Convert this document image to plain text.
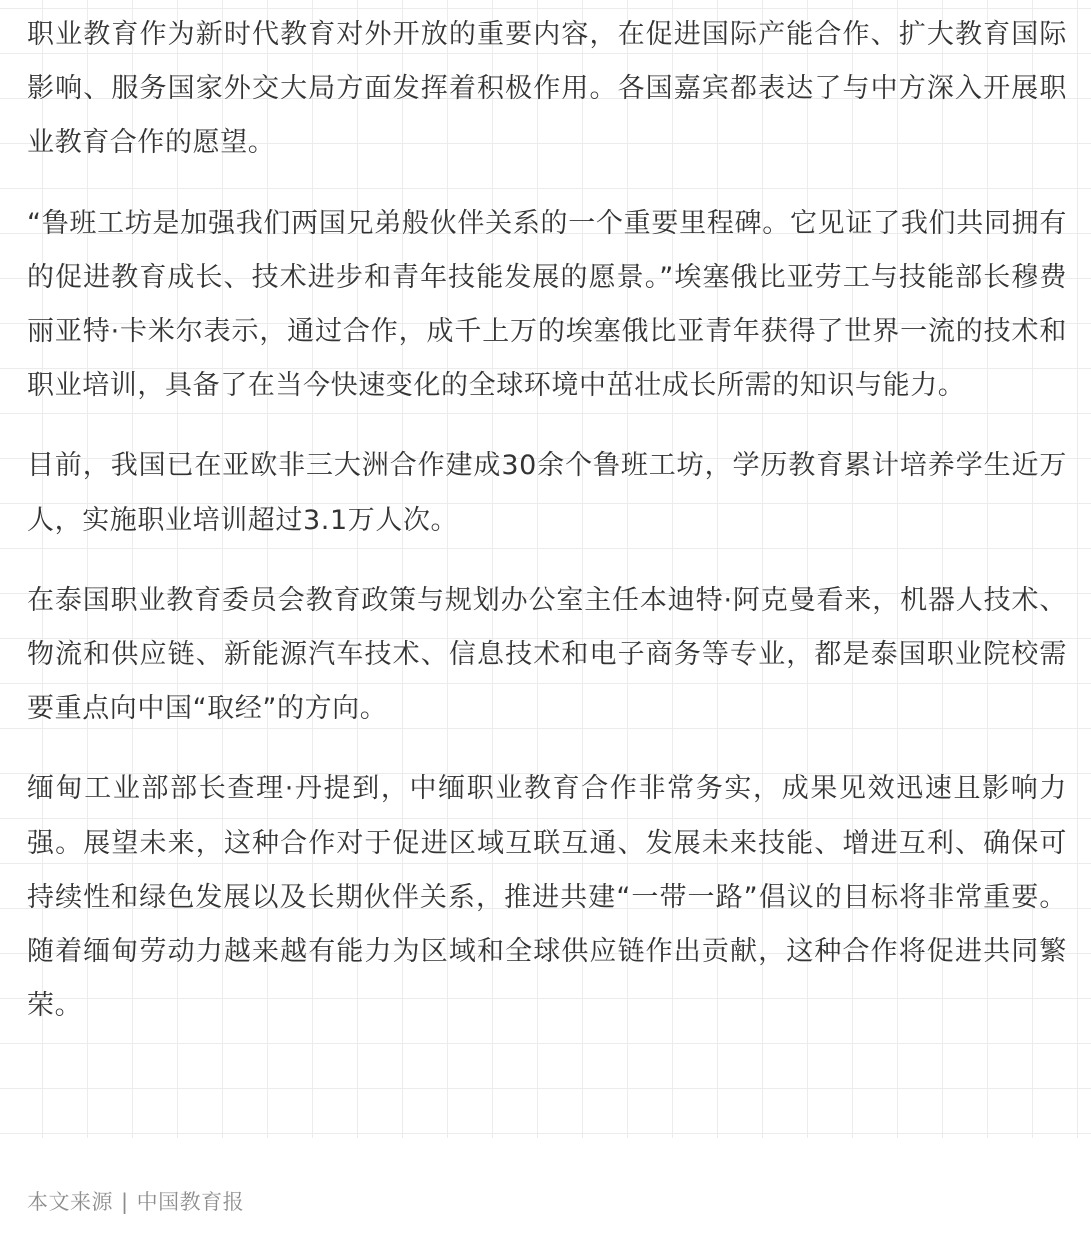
职业教育作为新时代教育对外开放的重要内容，在促进国际产能合作、扩大教育国际影响、服务国家外交大局方面发挥着积极作用。各国嘉宾都表达了与中方深入开展职业教育合作的愿望。

“鲁班工坊是加强我们两国兄弟般伙伴关系的一个重要里程碑。它见证了我们共同拥有的促进教育成长、技术进步和青年技能发展的愿景。”埃塞俄比亚劳工与技能部长穆费丽亚特·卡米尔表示，通过合作，成千上万的埃塞俄比亚青年获得了世界一流的技术和职业培训，具备了在当今快速变化的全球环境中茁壮成长所需的知识与能力。

目前，我国已在亚欧非三大洲合作建成30余个鲁班工坊，学历教育累计培养学生近万人，实施职业培训超过3.1万人次。

在泰国职业教育委员会教育政策与规划办公室主任本迪特·阿克曼看来，机器人技术、物流和供应链、新能源汽车技术、信息技术和电子商务等专业，都是泰国职业院校需要重点向中国“取经”的方向。

缅甸工业部部长查理·丹提到，中缅职业教育合作非常务实，成果见效迅速且影响力强。展望未来，这种合作对于促进区域互联互通、发展未来技能、增进互利、确保可持续性和绿色发展以及长期伙伴关系，推进共建“一带一路”倡议的目标将非常重要。随着缅甸劳动力越来越有能力为区域和全球供应链作出贡献，这种合作将促进共同繁荣。

本文来源 | 中国教育报
